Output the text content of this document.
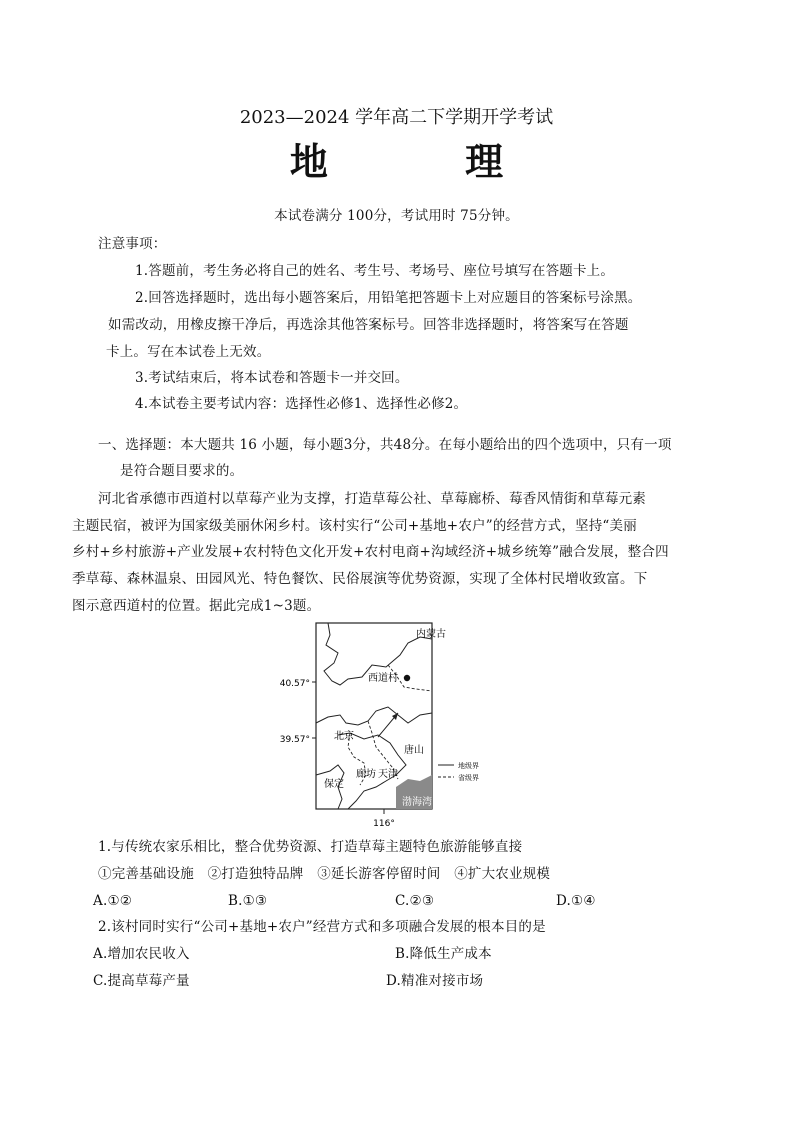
2023—2024 学年高二下学期开学考试
地 理
本试卷满分 100分，考试用时 75分钟。
注意事项：
1.答题前，考生务必将自己的姓名、考生号、考场号、座位号填写在答题卡上。
2.回答选择题时，选出每小题答案后，用铅笔把答题卡上对应题目的答案标号涂黑。
如需改动，用橡皮擦干净后，再选涂其他答案标号。回答非选择题时，将答案写在答题
卡上。写在本试卷上无效。
3.考试结束后，将本试卷和答题卡一并交回。
4.本试卷主要考试内容：选择性必修1、选择性必修2。
一、选择题：本大题共 16 小题，每小题3分，共48分。在每小题给出的四个选项中，只有一项
是符合题目要求的。
河北省承德市西道村以草莓产业为支撑，打造草莓公社、草莓廊桥、莓香风情街和草莓元素
主题民宿，被评为国家级美丽休闲乡村。该村实行“公司+基地+农户”的经营方式，坚持“美丽
乡村+乡村旅游+产业发展+农村特色文化开发+农村电商+沟域经济+城乡统筹”融合发展，整合四
季草莓、森林温泉、田园风光、特色餐饮、民俗展演等优势资源，实现了全体村民增收致富。下
图示意西道村的位置。据此完成1~3题。
40.57°
39.57°
116°
内蒙古
西道村
北京
唐山
廊坊 天津
保定
渤海湾
地级界
省级界
1.与传统农家乐相比，整合优势资源、打造草莓主题特色旅游能够直接
①完善基础设施　②打造独特品牌　③延长游客停留时间　④扩大农业规模
A.①②	B.①③	C.②③	D.①④
2.该村同时实行“公司+基地+农户”经营方式和多项融合发展的根本目的是
A.增加农民收入	B.降低生产成本
C.提高草莓产量	D.精准对接市场
